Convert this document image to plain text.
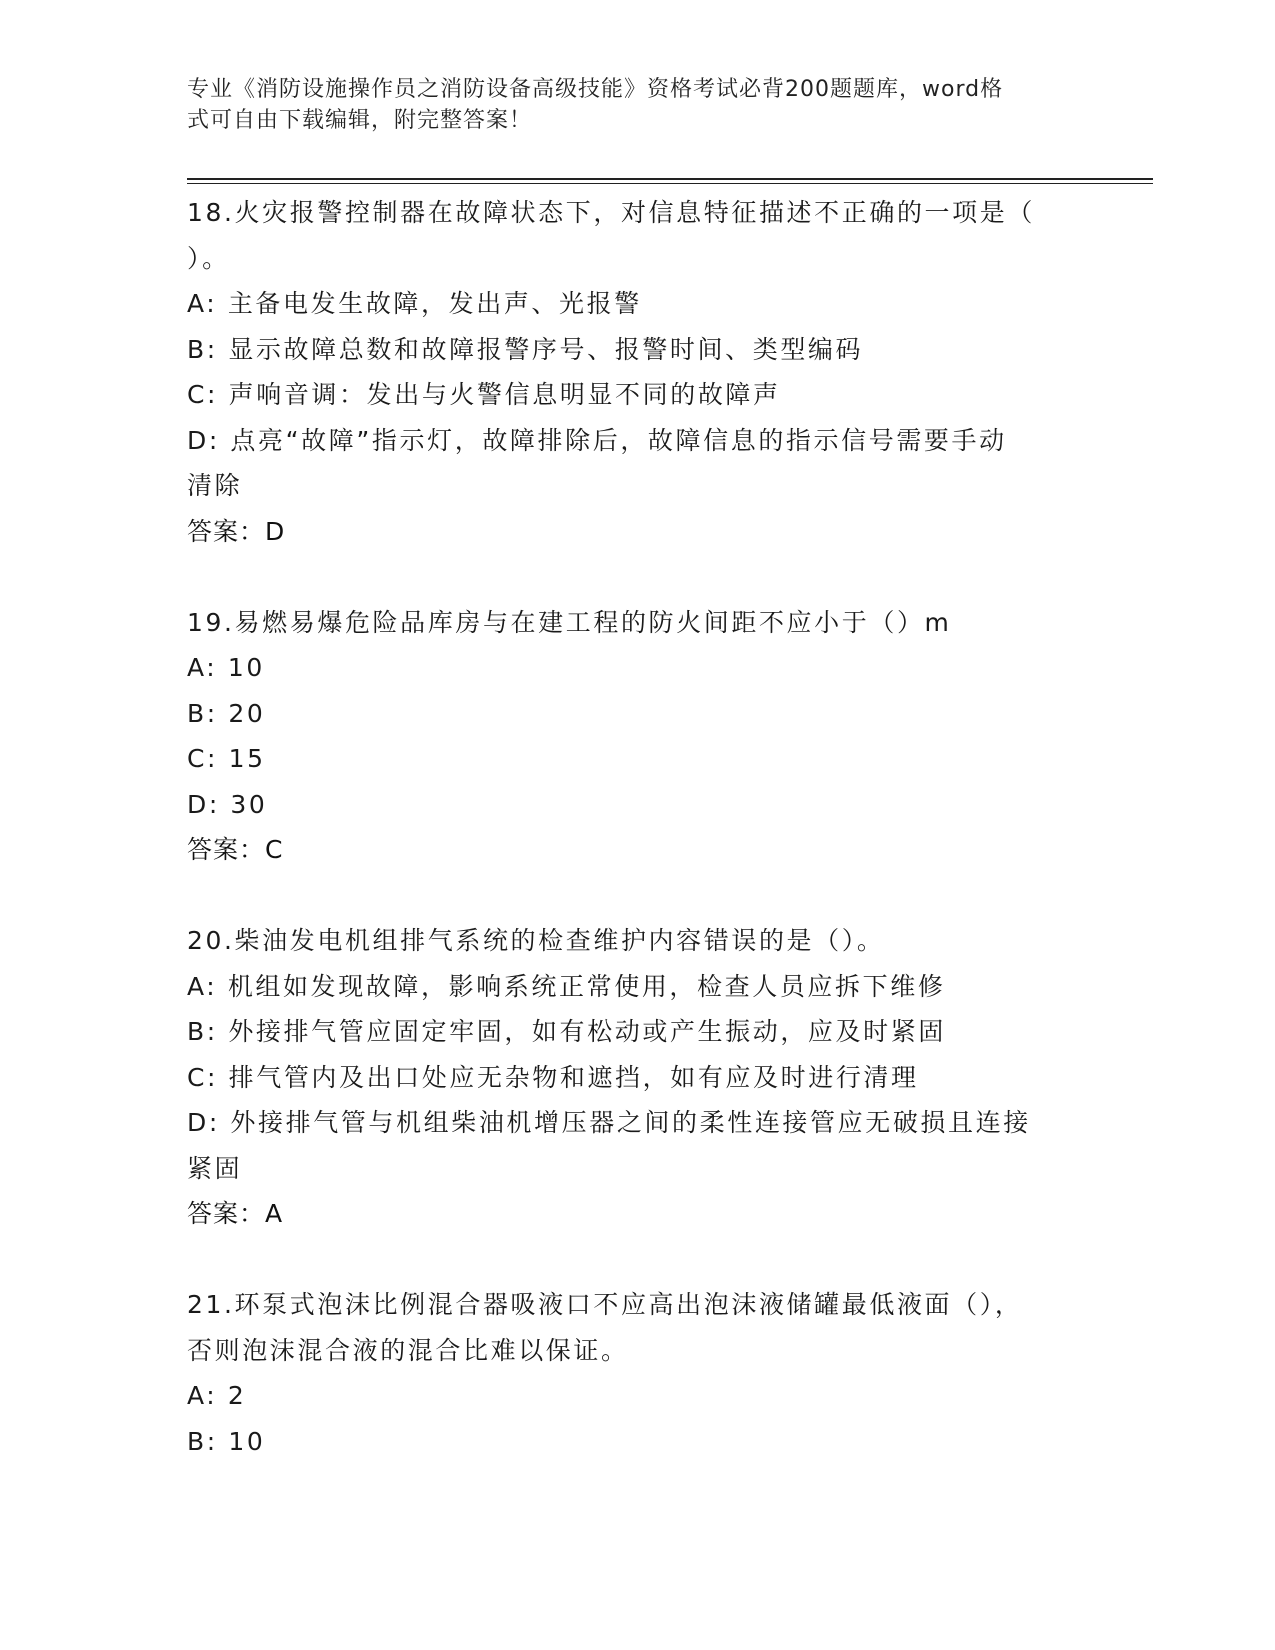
专业《消防设施操作员之消防设备高级技能》资格考试必背200题题库，word格
式可自由下载编辑，附完整答案！
18.火灾报警控制器在故障状态下，对信息特征描述不正确的一项是（
）。
A: 主备电发生故障，发出声、光报警
B: 显示故障总数和故障报警序号、报警时间、类型编码
C: 声响音调：发出与火警信息明显不同的故障声
D: 点亮“故障”指示灯，故障排除后，故障信息的指示信号需要手动
清除
答案：D
19.易燃易爆危险品库房与在建工程的防火间距不应小于（）m
A: 10
B: 20
C: 15
D: 30
答案：C
20.柴油发电机组排气系统的检查维护内容错误的是（）。
A: 机组如发现故障，影响系统正常使用，检查人员应拆下维修
B: 外接排气管应固定牢固，如有松动或产生振动，应及时紧固
C: 排气管内及出口处应无杂物和遮挡，如有应及时进行清理
D: 外接排气管与机组柴油机增压器之间的柔性连接管应无破损且连接
紧固
答案：A
21.环泵式泡沫比例混合器吸液口不应高出泡沫液储罐最低液面（），
否则泡沫混合液的混合比难以保证。
A: 2
B: 10
